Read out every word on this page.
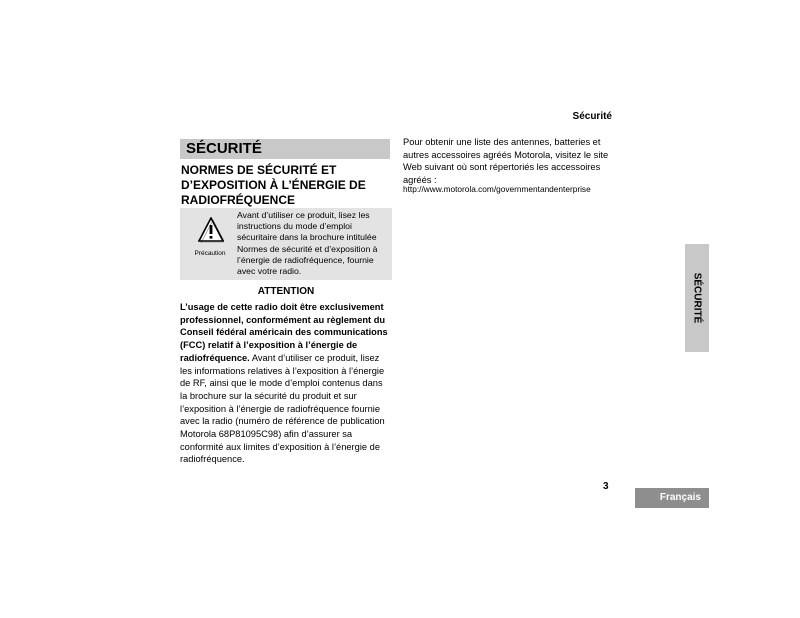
Sécurité
SÉCURITÉ
NORMES DE SÉCURITÉ ET D’EXPOSITION À L’ÉNERGIE DE RADIOFRÉQUENCE
Précaution
Avant d’utiliser ce produit, lisez les instructions du mode d’emploi sécuritaire dans la brochure intitulée Normes de sécurité et d’exposition à l’énergie de radiofréquence, fournie avec votre radio.
ATTENTION
L’usage de cette radio doit être exclusivement professionnel, conformément au règlement du Conseil fédéral américain des communications (FCC) relatif à l’exposition à l’énergie de radiofréquence. Avant d’utiliser ce produit, lisez les informations relatives à l’exposition à l’énergie de RF, ainsi que le mode d’emploi contenus dans la brochure sur la sécurité du produit et sur l’exposition à l’énergie de radiofréquence fournie avec la radio (numéro de référence de publication Motorola 68P81095C98) afin d’assurer sa conformité aux limites d’exposition à l’énergie de radiofréquence.
Pour obtenir une liste des antennes, batteries et autres accessoires agréés Motorola, visitez le site Web suivant où sont répertoriés les accessoires agréés :
http://www.motorola.com/governmentandenterprise
SÉCURITÉ
3
Français
